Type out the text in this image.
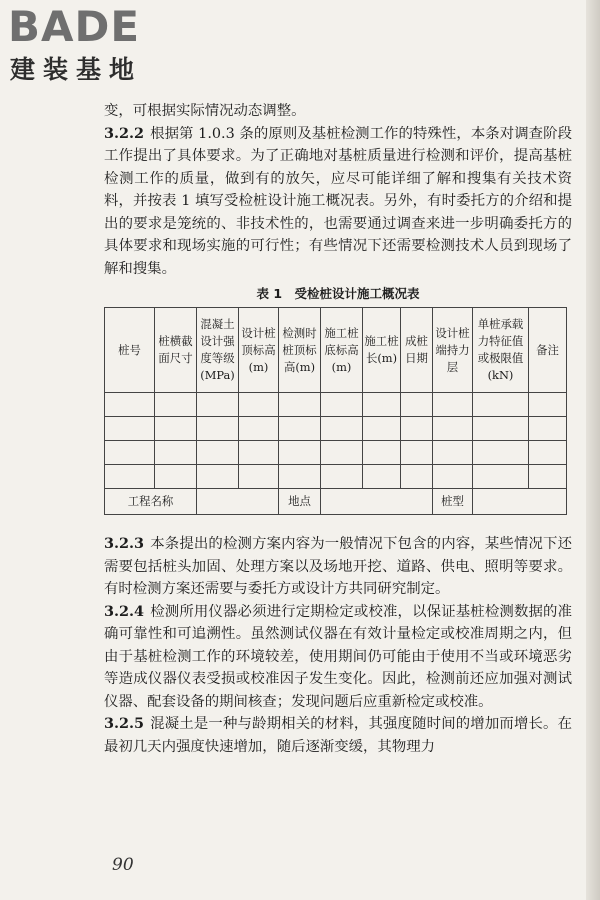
BADE
建装基地

变，可根据实际情况动态调整。

3.2.2 根据第 1.0.3 条的原则及基桩检测工作的特殊性，本条对调查阶段工作提出了具体要求。为了正确地对基桩质量进行检测和评价，提高基桩检测工作的质量，做到有的放矢，应尽可能详细了解和搜集有关技术资料，并按表 1 填写受检桩设计施工概况表。另外，有时委托方的介绍和提出的要求是笼统的、非技术性的，也需要通过调查来进一步明确委托方的具体要求和现场实施的可行性；有些情况下还需要检测技术人员到现场了解和搜集。

表 1　受检桩设计施工概况表
桩号	桩横截面尺寸	混凝土设计强度等级(MPa)	设计桩顶标高(m)	检测时桩顶标高(m)	施工桩底标高(m)	施工桩长(m)	成桩日期	设计桩端持力层	单桩承载力特征值或极限值(kN)	备注

工程名称				地点				桩型		

3.2.3 本条提出的检测方案内容为一般情况下包含的内容，某些情况下还需要包括桩头加固、处理方案以及场地开挖、道路、供电、照明等要求。有时检测方案还需要与委托方或设计方共同研究制定。

3.2.4 检测所用仪器必须进行定期检定或校准，以保证基桩检测数据的准确可靠性和可追溯性。虽然测试仪器在有效计量检定或校准周期之内，但由于基桩检测工作的环境较差，使用期间仍可能由于使用不当或环境恶劣等造成仪器仪表受损或校准因子发生变化。因此，检测前还应加强对测试仪器、配套设备的期间核查；发现问题后应重新检定或校准。

3.2.5 混凝土是一种与龄期相关的材料，其强度随时间的增加而增长。在最初几天内强度快速增加，随后逐渐变缓，其物理力

90
